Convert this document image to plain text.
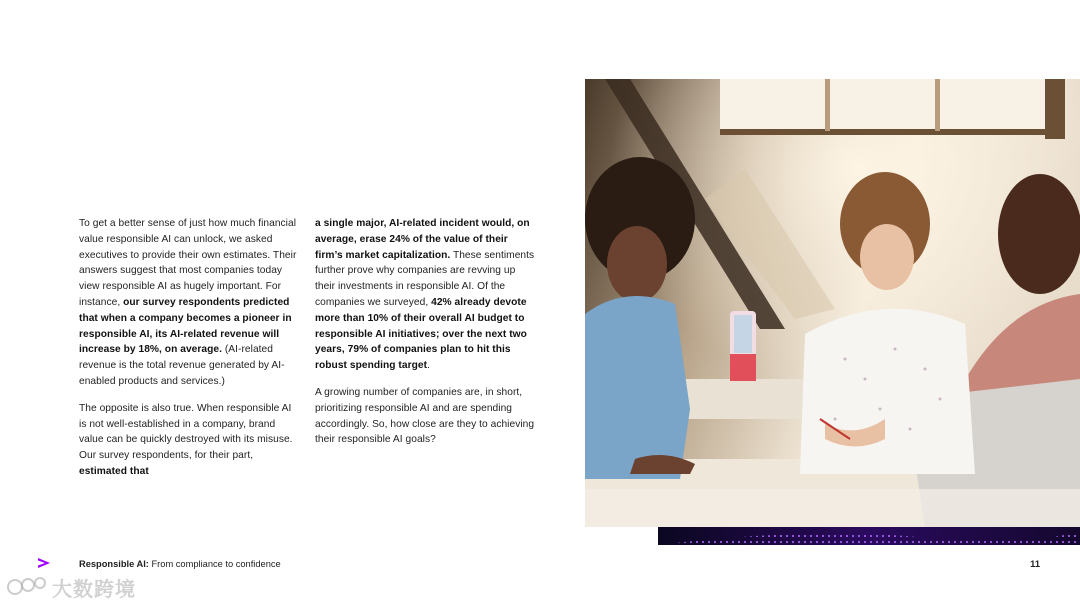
To get a better sense of just how much financial value responsible AI can unlock, we asked executives to provide their own estimates. Their answers suggest that most companies today view responsible AI as hugely important. For instance, our survey respondents predicted that when a company becomes a pioneer in responsible AI, its AI-related revenue will increase by 18%, on average. (AI-related revenue is the total revenue generated by AI-enabled products and services.)

The opposite is also true. When responsible AI is not well-established in a company, brand value can be quickly destroyed with its misuse. Our survey respondents, for their part, estimated that

a single major, AI-related incident would, on average, erase 24% of the value of their firm’s market capitalization. These sentiments further prove why companies are revving up their investments in responsible AI. Of the companies we surveyed, 42% already devote more than 10% of their overall AI budget to responsible AI initiatives; over the next two years, 79% of companies plan to hit this robust spending target.

A growing number of companies are, in short, prioritizing responsible AI and are spending accordingly. So, how close are they to achieving their responsible AI goals?

Responsible AI: From compliance to confidence	11
大数跨境
